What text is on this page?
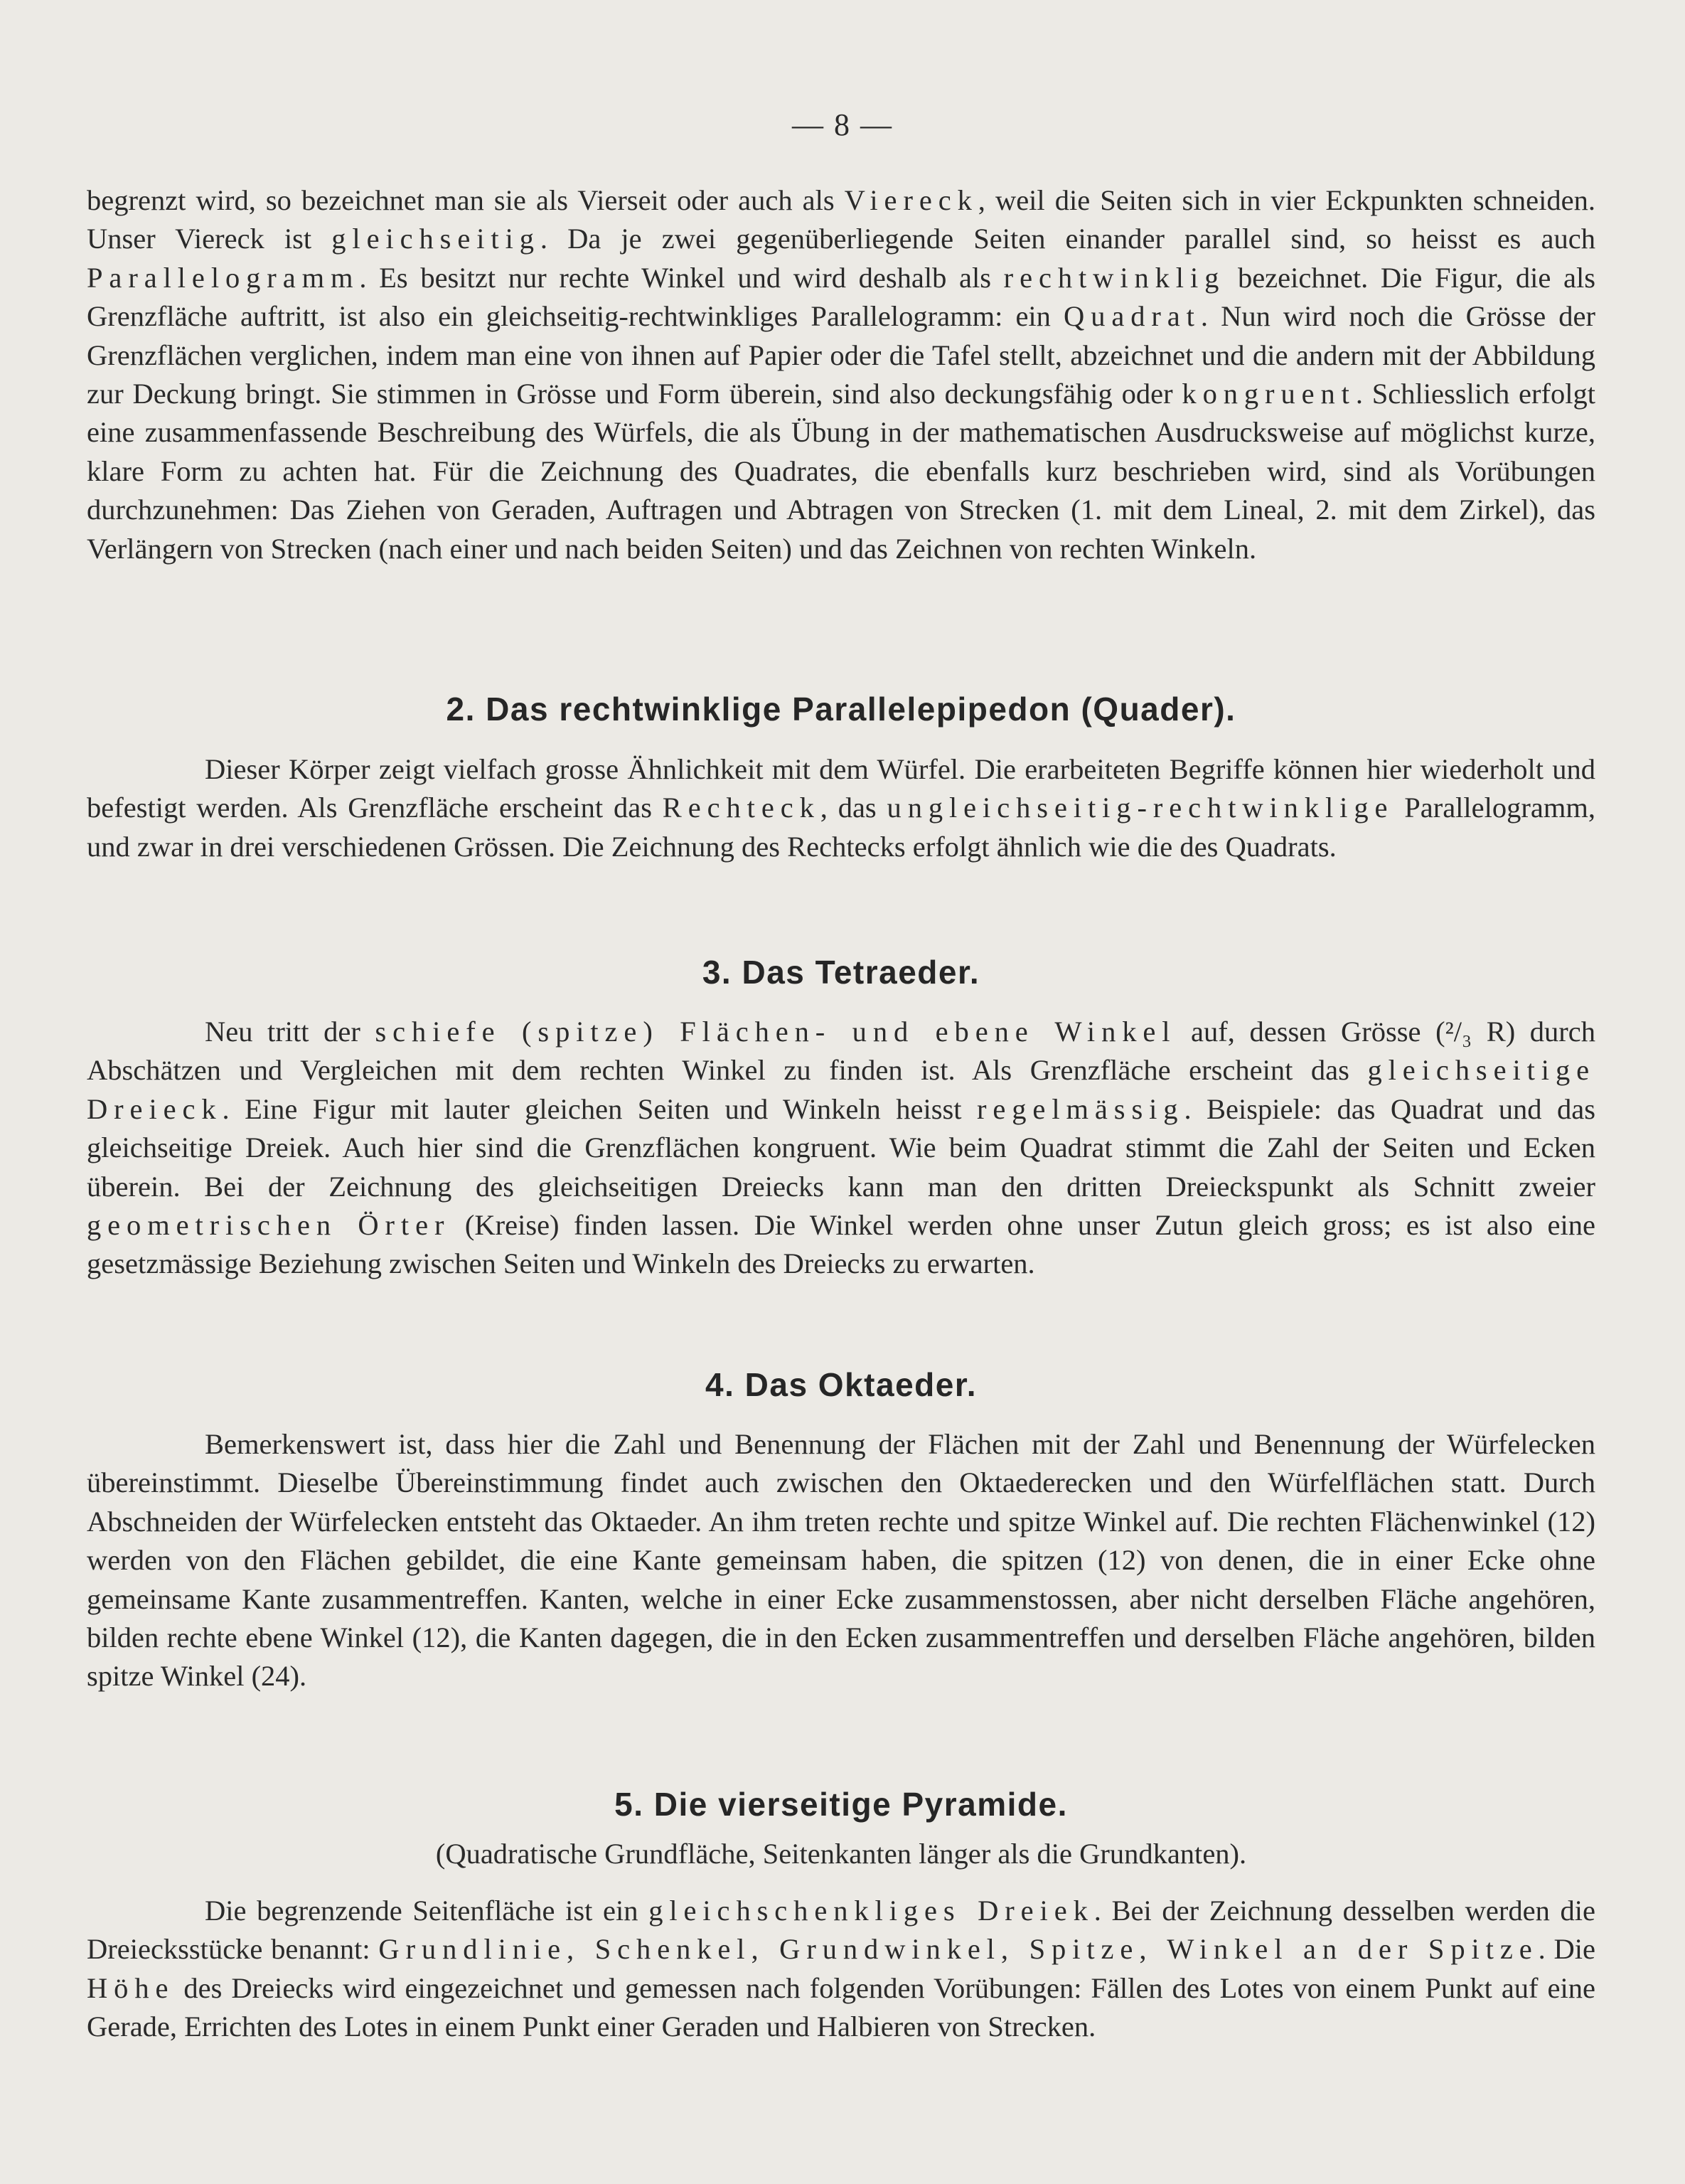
— 8 —

begrenzt wird, so bezeichnet man sie als Vierseit oder auch als Viereck, weil die Seiten sich in vier Eckpunkten schneiden. Unser Viereck ist gleichseitig. Da je zwei gegenüberliegende Seiten einander parallel sind, so heisst es auch Parallelogramm. Es besitzt nur rechte Winkel und wird deshalb als rechtwinklig bezeichnet. Die Figur, die als Grenzfläche auftritt, ist also ein gleichseitig-rechtwinkliges Parallelogramm: ein Quadrat. Nun wird noch die Grösse der Grenzflächen verglichen, indem man eine von ihnen auf Papier oder die Tafel stellt, abzeichnet und die andern mit der Abbildung zur Deckung bringt. Sie stimmen in Grösse und Form überein, sind also deckungsfähig oder kongruent. Schliesslich erfolgt eine zusammenfassende Beschreibung des Würfels, die als Übung in der mathematischen Ausdrucksweise auf möglichst kurze, klare Form zu achten hat. Für die Zeichnung des Quadrates, die ebenfalls kurz beschrieben wird, sind als Vorübungen durchzunehmen: Das Ziehen von Geraden, Auftragen und Abtragen von Strecken (1. mit dem Lineal, 2. mit dem Zirkel), das Verlängern von Strecken (nach einer und nach beiden Seiten) und das Zeichnen von rechten Winkeln.

2. Das rechtwinklige Parallelepipedon (Quader).

Dieser Körper zeigt vielfach grosse Ähnlichkeit mit dem Würfel. Die erarbeiteten Begriffe können hier wiederholt und befestigt werden. Als Grenzfläche erscheint das Rechteck, das ungleichseitig-rechtwinklige Parallelogramm, und zwar in drei verschiedenen Grössen. Die Zeichnung des Rechtecks erfolgt ähnlich wie die des Quadrats.

3. Das Tetraeder.

Neu tritt der schiefe (spitze) Flächen- und ebene Winkel auf, dessen Grösse (²/₃ R) durch Abschätzen und Vergleichen mit dem rechten Winkel zu finden ist. Als Grenzfläche erscheint das gleichseitige Dreieck. Eine Figur mit lauter gleichen Seiten und Winkeln heisst regelmässig. Beispiele: das Quadrat und das gleichseitige Dreiek. Auch hier sind die Grenzflächen kongruent. Wie beim Quadrat stimmt die Zahl der Seiten und Ecken überein. Bei der Zeichnung des gleichseitigen Dreiecks kann man den dritten Dreieckspunkt als Schnitt zweier geometrischen Örter (Kreise) finden lassen. Die Winkel werden ohne unser Zutun gleich gross; es ist also eine gesetzmässige Beziehung zwischen Seiten und Winkeln des Dreiecks zu erwarten.

4. Das Oktaeder.

Bemerkenswert ist, dass hier die Zahl und Benennung der Flächen mit der Zahl und Benennung der Würfelecken übereinstimmt. Dieselbe Übereinstimmung findet auch zwischen den Oktaederecken und den Würfelflächen statt. Durch Abschneiden der Würfelecken entsteht das Oktaeder. An ihm treten rechte und spitze Winkel auf. Die rechten Flächenwinkel (12) werden von den Flächen gebildet, die eine Kante gemeinsam haben, die spitzen (12) von denen, die in einer Ecke ohne gemeinsame Kante zusammentreffen. Kanten, welche in einer Ecke zusammenstossen, aber nicht derselben Fläche angehören, bilden rechte ebene Winkel (12), die Kanten dagegen, die in den Ecken zusammentreffen und derselben Fläche angehören, bilden spitze Winkel (24).

5. Die vierseitige Pyramide.

(Quadratische Grundfläche, Seitenkanten länger als die Grundkanten).

Die begrenzende Seitenfläche ist ein gleichschenkliges Dreiek. Bei der Zeichnung desselben werden die Dreiecksstücke benannt: Grundlinie, Schenkel, Grundwinkel, Spitze, Winkel an der Spitze. Die Höhe des Dreiecks wird eingezeichnet und gemessen nach folgenden Vorübungen: Fällen des Lotes von einem Punkt auf eine Gerade, Errichten des Lotes in einem Punkt einer Geraden und Halbieren von Strecken.
